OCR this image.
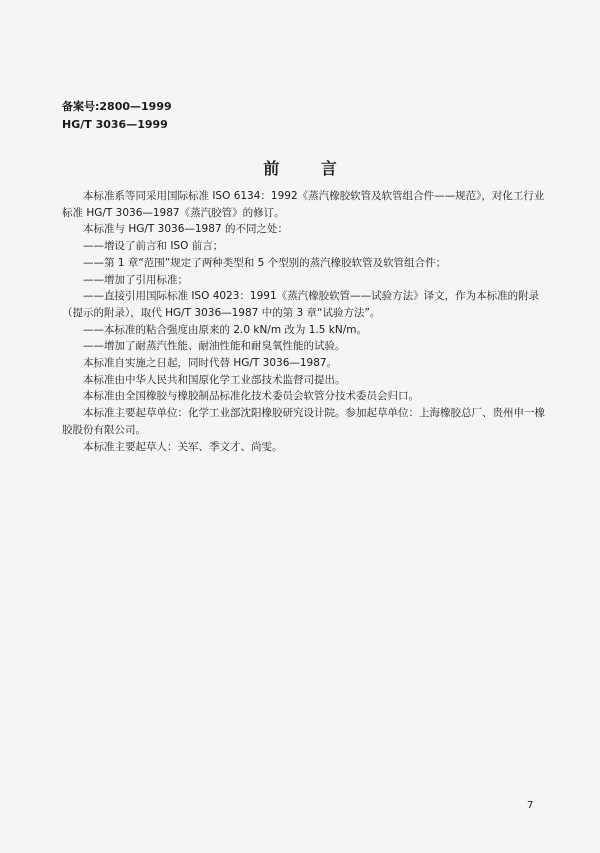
备案号:2800—1999
HG/T 3036—1999
前 言

本标准系等同采用国际标准 ISO 6134：1992《蒸汽橡胶软管及软管组合件——规范》，对化工行业标准 HG/T 3036—1987《蒸汽胶管》的修订。

本标准与 HG/T 3036—1987 的不同之处：

——增设了前言和 ISO 前言；

——第 1 章“范围”规定了两种类型和 5 个型别的蒸汽橡胶软管及软管组合件；

——增加了引用标准；

——直接引用国际标准 ISO 4023：1991《蒸汽橡胶软管——试验方法》译文，作为本标准的附录（提示的附录），取代 HG/T 3036—1987 中的第 3 章“试验方法”。

——本标准的粘合强度由原来的 2.0 kN/m 改为 1.5 kN/m。

——增加了耐蒸汽性能、耐油性能和耐臭氧性能的试验。

本标准自实施之日起，同时代替 HG/T 3036—1987。

本标准由中华人民共和国原化学工业部技术监督司提出。

本标准由全国橡胶与橡胶制品标准化技术委员会软管分技术委员会归口。

本标准主要起草单位：化学工业部沈阳橡胶研究设计院。参加起草单位：上海橡胶总厂、贵州申一橡胶股份有限公司。

本标准主要起草人：关军、季文才、尚雯。

7
